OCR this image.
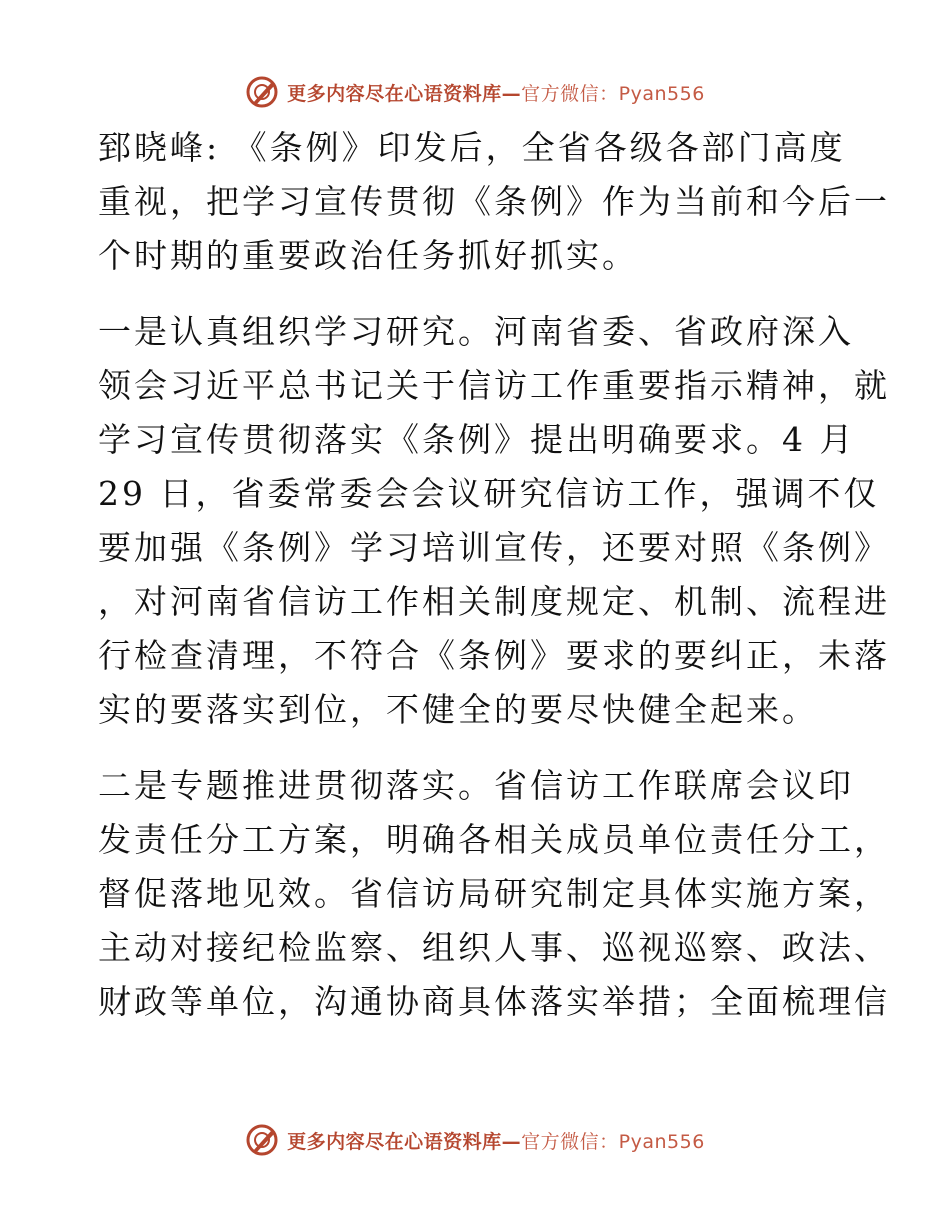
更多内容尽在心语资料库—官方微信：Pyan556
郅晓峰: 《条例》印发后，全省各级各部门高度
重视，把学习宣传贯彻《条例》作为当前和今后一
个时期的重要政治任务抓好抓实。
一是认真组织学习研究。河南省委、省政府深入
领会习近平总书记关于信访工作重要指示精神，就
学习宣传贯彻落实《条例》提出明确要求。4 月
29 日，省委常委会会议研究信访工作，强调不仅
要加强《条例》学习培训宣传，还要对照《条例》
，对河南省信访工作相关制度规定、机制、流程进
行检查清理，不符合《条例》要求的要纠正，未落
实的要落实到位，不健全的要尽快健全起来。
二是专题推进贯彻落实。省信访工作联席会议印
发责任分工方案，明确各相关成员单位责任分工，
督促落地见效。省信访局研究制定具体实施方案，
主动对接纪检监察、组织人事、巡视巡察、政法、
财政等单位，沟通协商具体落实举措；全面梳理信
更多内容尽在心语资料库—官方微信：Pyan556
